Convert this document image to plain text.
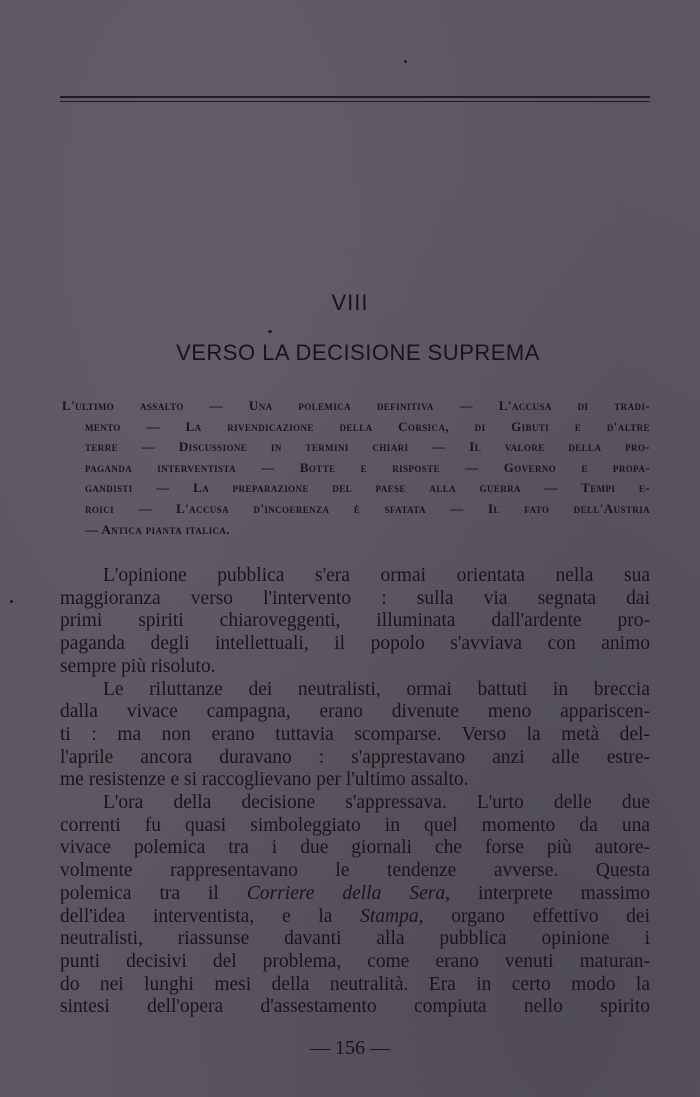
VIII
VERSO LA DECISIONE SUPREMA
L'ultimo assalto — Una polemica definitiva — L'accusa di tradi-
mento — La rivendicazione della Corsica, di Gibuti e d'altre
terre — Discussione in termini chiari — Il valore della pro-
paganda interventista — Botte e risposte — Governo e propa-
gandisti — La preparazione del paese alla guerra — Tempi e-
roici — L'accusa d'incoerenza è sfatata — Il fato dell'Austria
— Antica pianta italica.
L'opinione pubblica s'era ormai orientata nella sua
maggioranza verso l'intervento : sulla via segnata dai
primi spiriti chiaroveggenti, illuminata dall'ardente pro-
paganda degli intellettuali, il popolo s'avviava con animo
sempre più risoluto.
Le riluttanze dei neutralisti, ormai battuti in breccia
dalla vivace campagna, erano divenute meno appariscen-
ti : ma non erano tuttavia scomparse. Verso la metà del-
l'aprile ancora duravano : s'apprestavano anzi alle estre-
me resistenze e si raccoglievano per l'ultimo assalto.
L'ora della decisione s'appressava. L'urto delle due
correnti fu quasi simboleggiato in quel momento da una
vivace polemica tra i due giornali che forse più autore-
volmente rappresentavano le tendenze avverse. Questa
polemica tra il Corriere della Sera, interprete massimo
dell'idea interventista, e la Stampa, organo effettivo dei
neutralisti, riassunse davanti alla pubblica opinione i
punti decisivi del problema, come erano venuti maturan-
do nei lunghi mesi della neutralità. Era in certo modo la
sintesi dell'opera d'assestamento compiuta nello spirito
— 156 —
